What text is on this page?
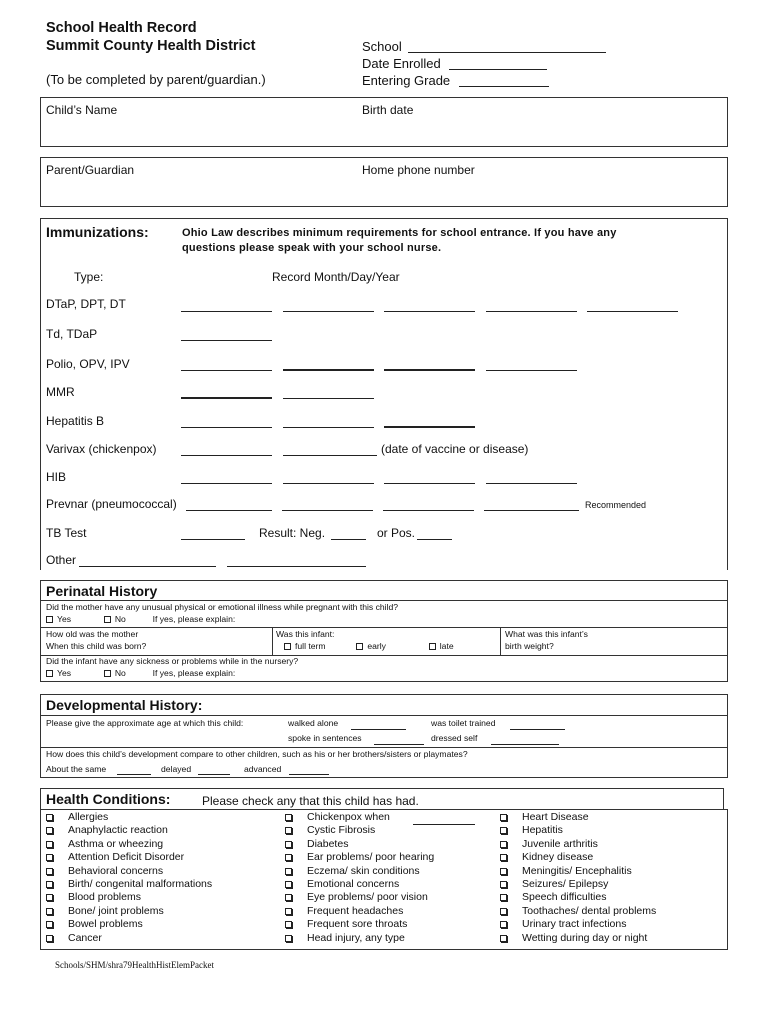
School Health Record
Summit County Health District
(To be completed by parent/guardian.)
School
Date Enrolled
Entering Grade
Child’s Name	Birth date
Parent/Guardian	Home phone number
Immunizations:	Ohio Law describes minimum requirements for school entrance. If you have any
questions please speak with your school nurse.
Type:	Record Month/Day/Year
DTaP, DPT, DT
Td, TDaP
Polio, OPV, IPV
MMR
Hepatitis B
Varivax (chickenpox)	(date of vaccine or disease)
HIB
Prevnar (pneumococcal)	Recommended
TB Test	Result: Neg.	or Pos.
Other
Perinatal History
Did the mother have any unusual physical or emotional illness while pregnant with this child?
Yes	No	If yes, please explain:
How old was the mother
When this child was born?
Was this infant:
full term	early	late
What was this infant’s
birth weight?
Did the infant have any sickness or problems while in the nursery?
Yes	No	If yes, please explain:
Developmental History:
Please give the approximate age at which this child:	walked alone	was toilet trained
spoke in sentences	dressed self
How does this child’s development compare to other children, such as his or her brothers/sisters or playmates?
About the same	delayed	advanced
Health Conditions:	Please check any that this child has had.
Allergies
Anaphylactic reaction
Asthma or wheezing
Attention Deficit Disorder
Behavioral concerns
Birth/ congenital malformations
Blood problems
Bone/ joint problems
Bowel problems
Cancer
Chickenpox when
Cystic Fibrosis
Diabetes
Ear problems/ poor hearing
Eczema/ skin conditions
Emotional concerns
Eye problems/ poor vision
Frequent headaches
Frequent sore throats
Head injury, any type
Heart Disease
Hepatitis
Juvenile arthritis
Kidney disease
Meningitis/ Encephalitis
Seizures/ Epilepsy
Speech difficulties
Toothaches/ dental problems
Urinary tract infections
Wetting during day or night
Schools/SHM/shra79HealthHistElemPacket
